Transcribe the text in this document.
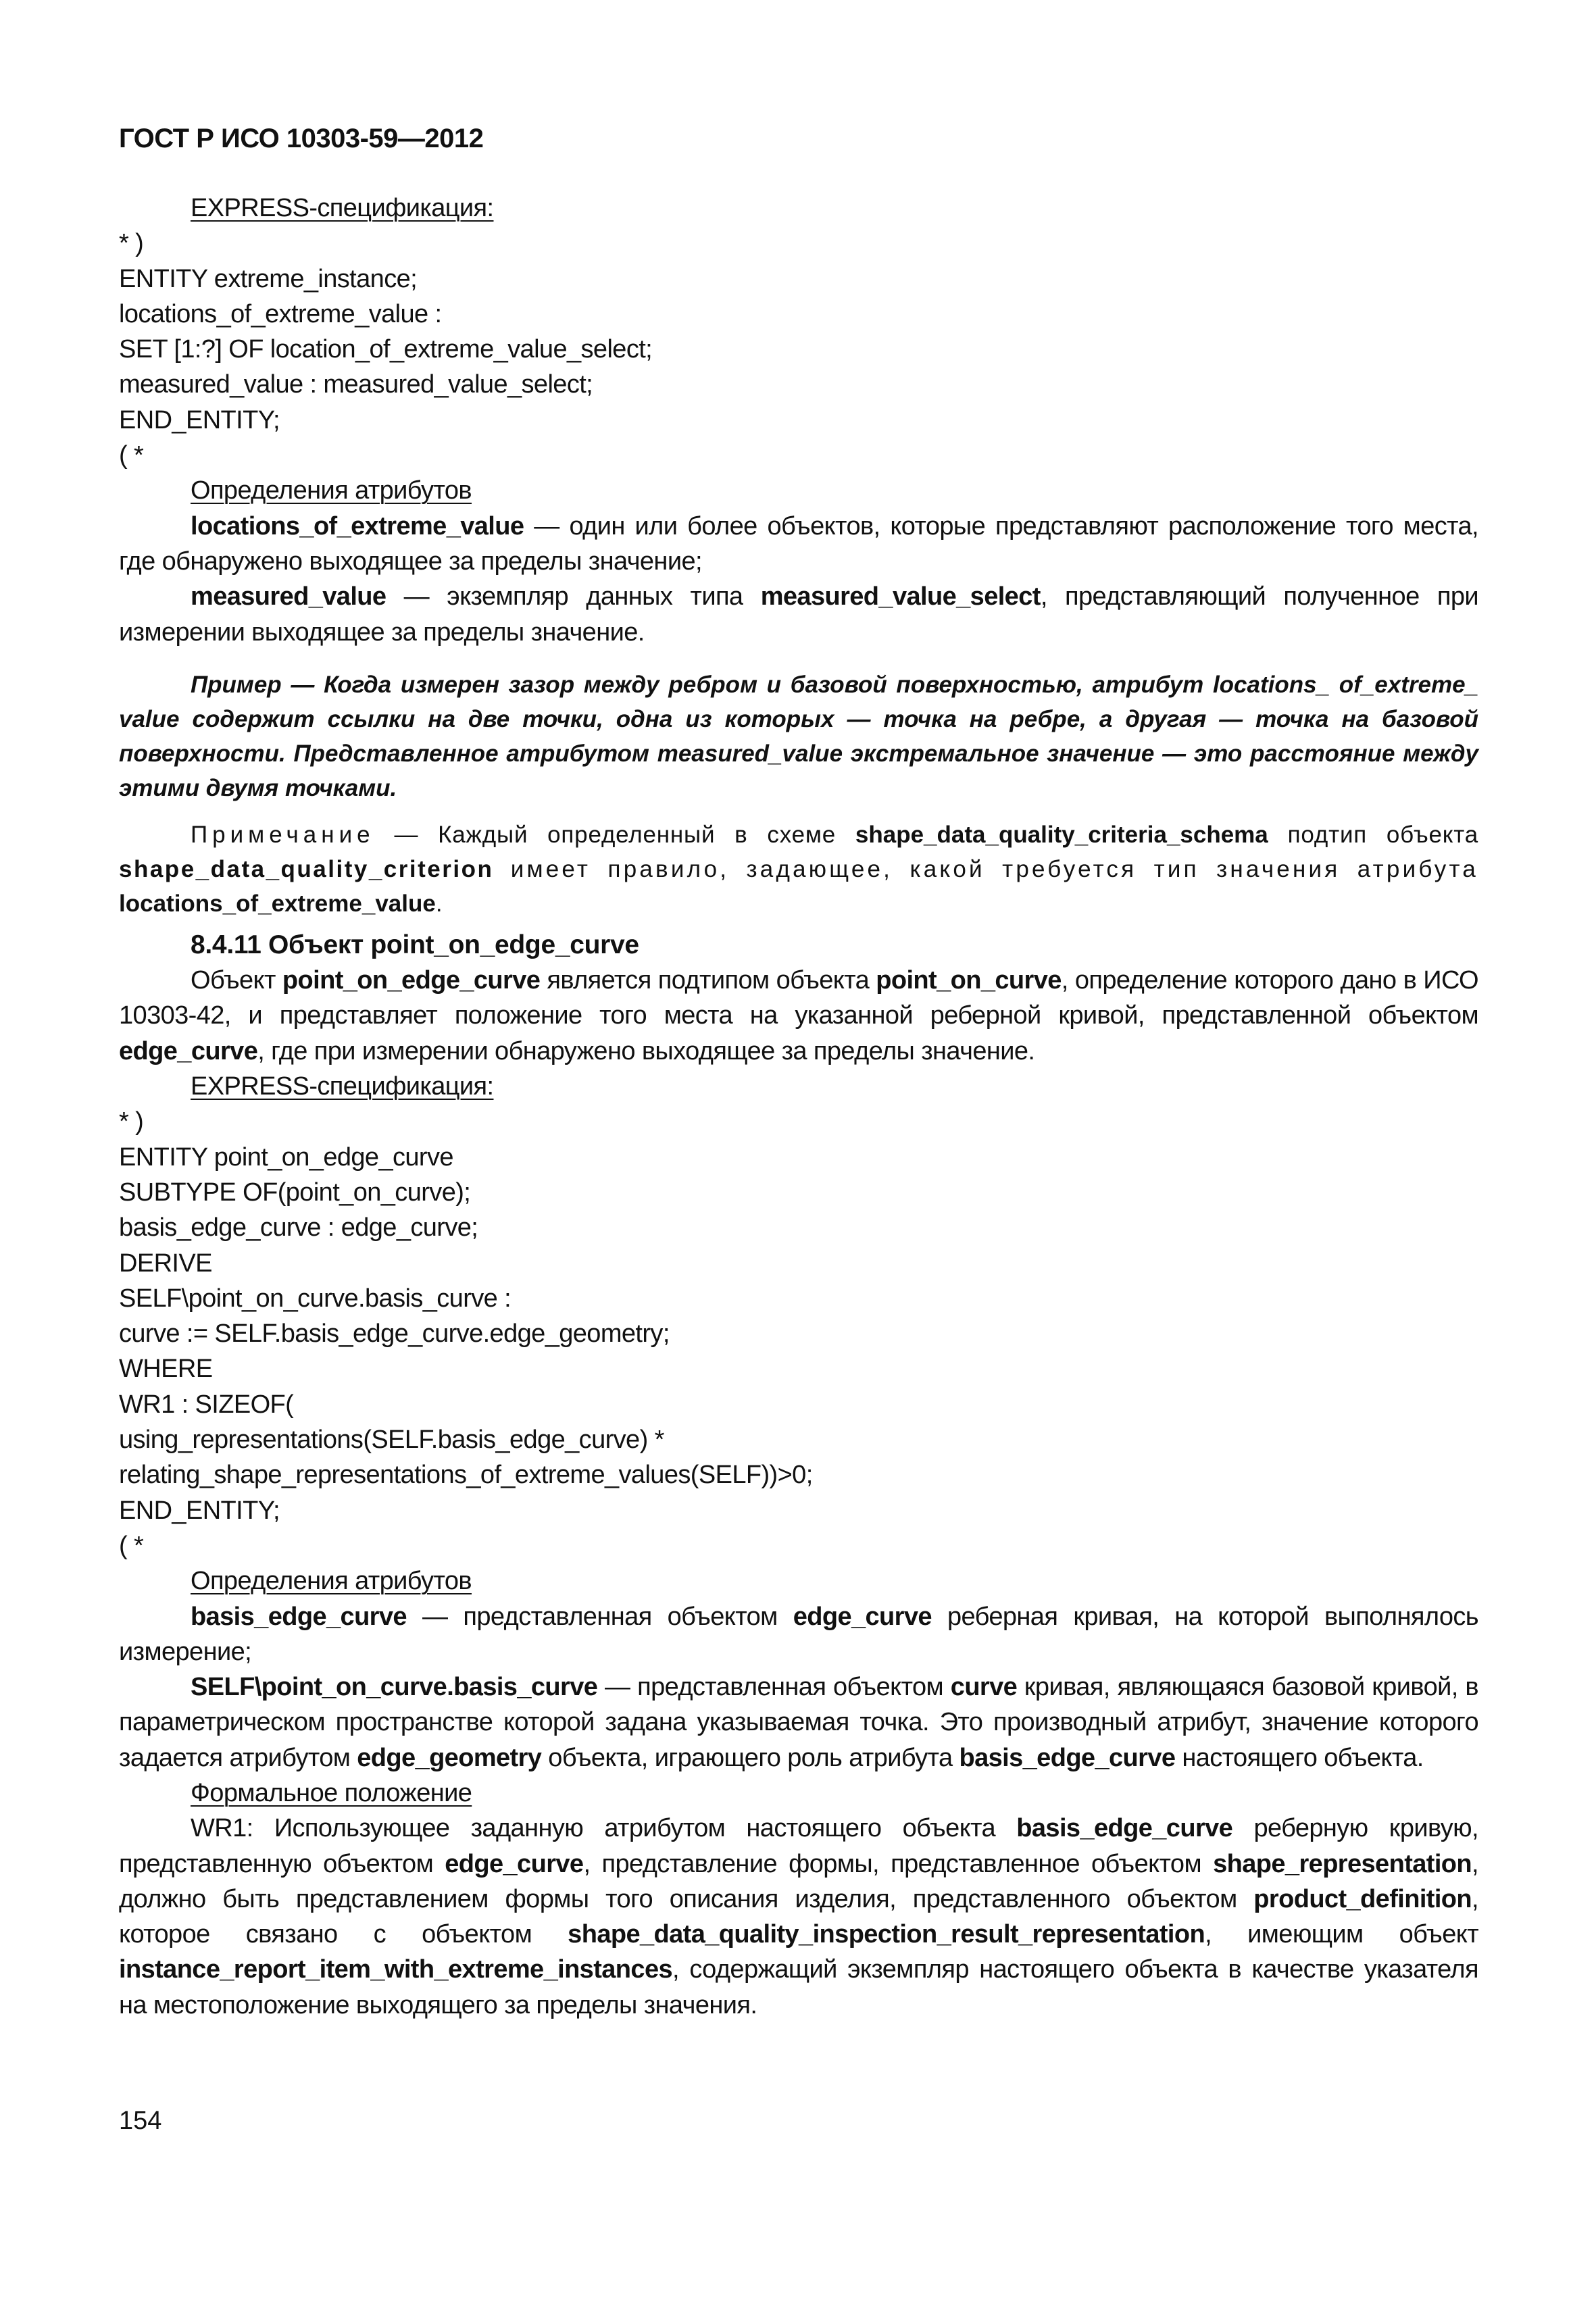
ГОСТ Р ИСО 10303-59—2012
EXPRESS-спецификация:
* )
ENTITY extreme_instance;
locations_of_extreme_value :
SET [1:?] OF location_of_extreme_value_select;
measured_value : measured_value_select;
END_ENTITY;
( *
Определения атрибутов

locations_of_extreme_value — один или более объектов, которые представляют расположение того места, где обнаружено выходящее за пределы значение;

measured_value — экземпляр данных типа measured_value_select, представляющий полученное при измерении выходящее за пределы значение.

Пример — Когда измерен зазор между ребром и базовой поверхностью, атрибут locations_ of_extreme_ value содержит ссылки на две точки, одна из которых — точка на ребре, а другая — точка на базовой поверхности. Представленное атрибутом measured_value экстремальное значение — это расстояние между этими двумя точками.

Примечание — Каждый определенный в схеме shape_data_quality_criteria_schema подтип объекта shape_data_quality_criterion имеет правило, задающее, какой требуется тип значения атрибута locations_of_extreme_value.

8.4.11 Объект point_on_edge_curve

Объект point_on_edge_curve является подтипом объекта point_on_curve, определение которого дано в ИСО 10303-42, и представляет положение того места на указанной реберной кривой, представленной объектом edge_curve, где при измерении обнаружено выходящее за пределы значение.

EXPRESS-спецификация:
* )
ENTITY point_on_edge_curve
SUBTYPE OF(point_on_curve);
basis_edge_curve : edge_curve;
DERIVE
SELF\point_on_curve.basis_curve :
curve := SELF.basis_edge_curve.edge_geometry;
WHERE
WR1 : SIZEOF(
using_representations(SELF.basis_edge_curve) *
relating_shape_representations_of_extreme_values(SELF))>0;
END_ENTITY;
( *
Определения атрибутов

basis_edge_curve — представленная объектом edge_curve реберная кривая, на которой выполнялось измерение;

SELF\point_on_curve.basis_curve — представленная объектом curve кривая, являющаяся базовой кривой, в параметрическом пространстве которой задана указываемая точка. Это производный атрибут, значение которого задается атрибутом edge_geometry объекта, играющего роль атрибута basis_edge_curve настоящего объекта.

Формальное положение

WR1: Использующее заданную атрибутом настоящего объекта basis_edge_curve реберную кривую, представленную объектом edge_curve, представление формы, представленное объектом shape_representation, должно быть представлением формы того описания изделия, представленного объектом product_definition, которое связано с объектом shape_data_quality_inspection_result_representation, имеющим объект instance_report_item_with_extreme_instances, содержащий экземпляр настоящего объекта в качестве указателя на местоположение выходящего за пределы значения.

154
